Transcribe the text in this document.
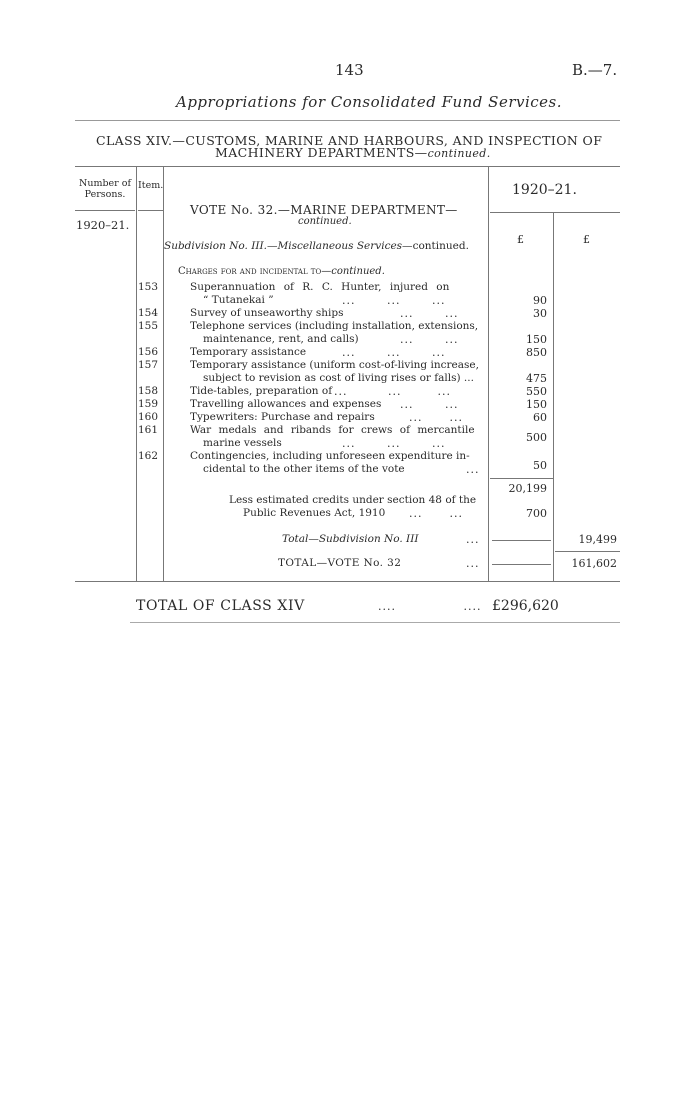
143	B.—7.
Appropriations for Consolidated Fund Services.
CLASS XIV.—CUSTOMS, MARINE AND HARBOURS, AND INSPECTION OF
MACHINERY DEPARTMENTS—continued.
Number of Persons.
Item.	1920–21.
1920–21.
VOTE No. 32.—MARINE DEPARTMENT—
continued.
Subdivision No. III.—Miscellaneous Services—continued.	£	£
Charges for and incidental to—continued.
153	Superannuation of R. C. Hunter, injured on
“ Tutanekai ”	90
154	Survey of unseaworthy ships	30
155	Telephone services (including installation, extensions,
maintenance, rent, and calls)	150
156	Temporary assistance	850
157	Temporary assistance (uniform cost-of-living increase,
subject to revision as cost of living rises or falls) ...	475
158	Tide-tables, preparation of	550
159	Travelling allowances and expenses	150
160	Typewriters: Purchase and repairs	60
161	War medals and ribands for crews of mercantile
marine vessels	500
162	Contingencies, including unforeseen expenditure in-
cidental to the other items of the vote	50
...	...	...
...	...
...	...
...	...	...
...	...	...
...	...
... ...
...	...	...
...
20,199
Less estimated credits under section 48 of the
Public Revenues Act, 1910 ... ...	700
Total—Subdivision No. III	...	19,499
TOTAL—VOTE No. 32	...	161,602
TOTAL OF CLASS XIV	....	.... £296,620
